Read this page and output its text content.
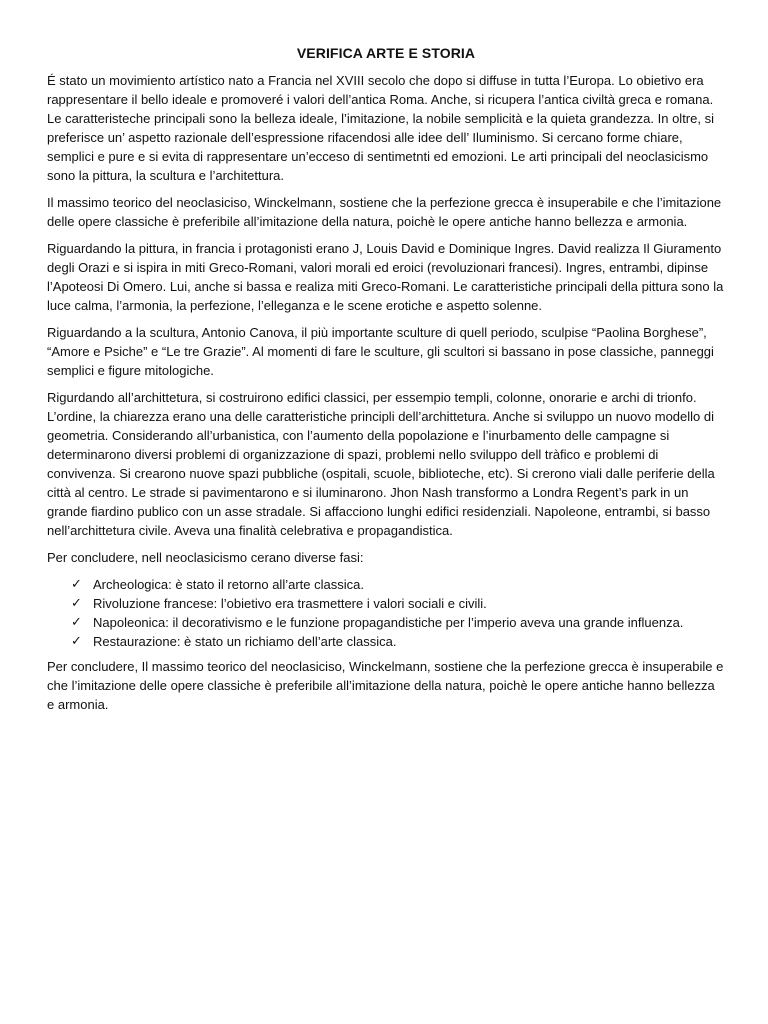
VERIFICA ARTE E STORIA

É stato un movimiento artístico nato a Francia nel XVIII secolo che dopo si diffuse in tutta l’Europa. Lo obietivo era rappresentare il bello ideale e promoveré i valori dell’antica Roma. Anche, si ricupera l’antica civiltà greca e romana. Le caratteristeche principali sono la belleza ideale, l’imitazione, la nobile semplicità e la quieta grandezza. In oltre, si preferisce un’ aspetto razionale dell’espressione rifacendosi alle idee dell’ Iluminismo. Si cercano forme chiare, semplici e pure e si evita di rappresentare un’ecceso di sentimetnti ed emozioni. Le arti principali del neoclasicismo sono la pittura, la scultura e l’architettura.

Il massimo teorico del neoclasiciso, Winckelmann, sostiene che la perfezione grecca è insuperabile e che l’imitazione delle opere classiche è preferibile all’imitazione della natura, poichè le opere antiche hanno bellezza e armonia.

Riguardando la pittura, in francia i protagonisti erano J, Louis David e Dominique Ingres. David realizza Il Giuramento degli Orazi e si ispira in miti Greco-Romani, valori morali ed eroici (revoluzionari francesi). Ingres, entrambi, dipinse l’Apoteosi Di Omero. Lui, anche si bassa e realiza miti Greco-Romani. Le caratteristiche principali della pittura sono la luce calma, l’armonia, la perfezione, l’elleganza e le scene erotiche e aspetto solenne.

Riguardando a la scultura, Antonio Canova, il più importante sculture di quell periodo, sculpise “Paolina Borghese”, “Amore e Psiche” e “Le tre Grazie”. Al momenti di fare le sculture, gli scultori si bassano in pose classiche, panneggi semplici e figure mitologiche.

Rigurdando all’archittetura, si costruirono edifici classici, per essempio templi, colonne, onorarie e archi di trionfo. L’ordine, la chiarezza erano una delle caratteristiche principli dell’archittetura. Anche si sviluppo un nuovo modello di geometria. Considerando all’urbanistica, con l’aumento della popolazione e l’inurbamento delle campagne si determinarono diversi problemi di organizzazione di spazi, problemi nello sviluppo dell tràfico e problemi di convivenza. Si crearono nuove spazi pubbliche (ospitali, scuole, biblioteche, etc). Si crerono viali dalle periferie della città al centro. Le strade si pavimentarono e si iluminarono. Jhon Nash transformo a Londra Regent’s park in un grande fiardino publico con un asse stradale. Si affacciono lunghi edifici residenziali. Napoleone, entrambi, si basso nell’archittetura civile. Aveva una finalità celebrativa e propagandistica.

Per concludere, nell neoclasicismo cerano diverse fasi:

✓ Archeologica: è stato il retorno all’arte classica.
✓ Rivoluzione francese: l’obietivo era trasmettere i valori sociali e civili.
✓ Napoleonica: il decorativismo e le funzione propagandistiche per l’imperio aveva una grande influenza.
✓ Restaurazione: è stato un richiamo dell’arte classica.

Per concludere, Il massimo teorico del neoclasiciso, Winckelmann, sostiene che la perfezione grecca è insuperabile e che l’imitazione delle opere classiche è preferibile all’imitazione della natura, poichè le opere antiche hanno bellezza e armonia.
